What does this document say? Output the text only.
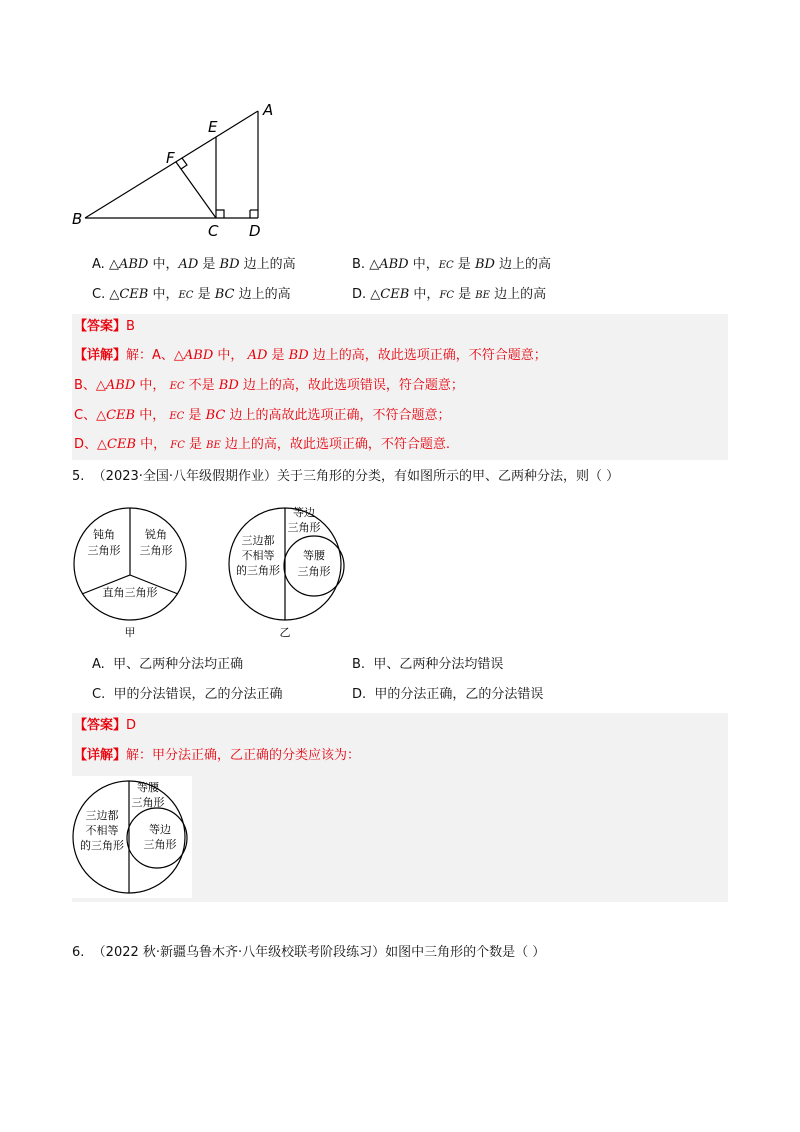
A
E
F
B
C D
A. △ABD 中，AD 是 BD 边上的高	B. △ABD 中，EC 是 BD 边上的高
C. △CEB 中，EC 是 BC 边上的高	D. △CEB 中，FC 是 BE 边上的高
【答案】B
【详解】解：A、△ABD 中， AD 是 BD 边上的高，故此选项正确，不符合题意；
B、△ABD 中， EC 不是 BD 边上的高，故此选项错误，符合题意；
C、△CEB 中， EC 是 BC 边上的高故此选项正确，不符合题意；
D、△CEB 中， FC 是 BE 边上的高，故此选项正确，不符合题意.
5. （2023·全国·八年级假期作业）关于三角形的分类，有如图所示的甲、乙两种分法，则（ ）
钝角
三角形
锐角
三角形
直角三角形
甲
三边都
不相等
的三角形
等边
三角形
等腰
三角形
乙
A. 甲、乙两种分法均正确	B. 甲、乙两种分法均错误
C. 甲的分法错误，乙的分法正确	D. 甲的分法正确，乙的分法错误
【答案】D
【详解】解：甲分法正确，乙正确的分类应该为：
三边都
不相等
的三角形
等腰
三角形
等边
三角形
6. （2022 秋·新疆乌鲁木齐·八年级校联考阶段练习）如图中三角形的个数是（ ）
